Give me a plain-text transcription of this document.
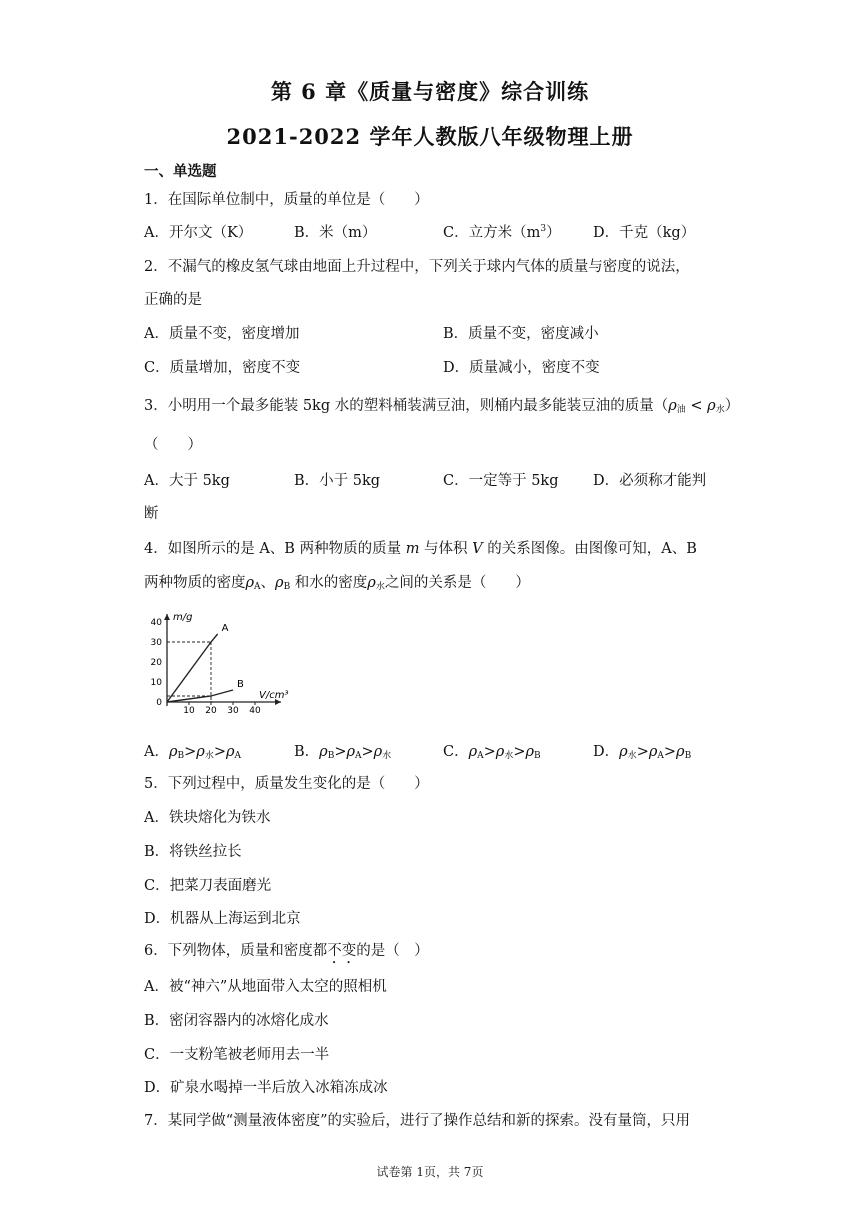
第 6 章《质量与密度》综合训练
2021-2022 学年人教版八年级物理上册
一、单选题
1．在国际单位制中，质量的单位是（　　）
A．开尔文（K）	B．米（m）	C．立方米$(m^3)$ D．千克（kg）
2．不漏气的橡皮氢气球由地面上升过程中，下列关于球内气体的质量与密度的说法，
正确的是
A．质量不变，密度增加	B．质量不变，密度减小
C．质量增加，密度不变	D．质量减小，密度不变
3．小明用一个最多能装 5kg 水的塑料桶装满豆油，则桶内最多能装豆油的质量$(\rho_油 < \rho_水)$
（　　）
A．大于 5kg	B．小于 5kg	C．一定等于 5kg D．必须称才能判
断
4．如图所示的是 A、B 两种物质的质量 m 与体积 V 的关系图像。由图像可知，A、B
两种物质的密度$\rho_A$、$\rho_B$ 和水的密度$\rho_水$之间的关系是（　　）
m/g
V/cm³
0
10
20
30
40
10 20 30 40
A
B
A．$\rho_B>\rho_水>\rho_A$	B．$\rho_B>\rho_A>\rho_水$	C．$\rho_A>\rho_水>\rho_B$	D．$\rho_水>\rho_A>\rho_B$
5．下列过程中，质量发生变化的是（　　）
A．铁块熔化为铁水
B．将铁丝拉长
C．把菜刀表面磨光
D．机器从上海运到北京
6．下列物体，质量和密度都不变的是（　）
A．被“神六”从地面带入太空的照相机
B．密闭容器内的冰熔化成水
C．一支粉笔被老师用去一半
D．矿泉水喝掉一半后放入冰箱冻成冰
7．某同学做“测量液体密度”的实验后，进行了操作总结和新的探索。没有量筒，只用
试卷第 1页，共 7页
